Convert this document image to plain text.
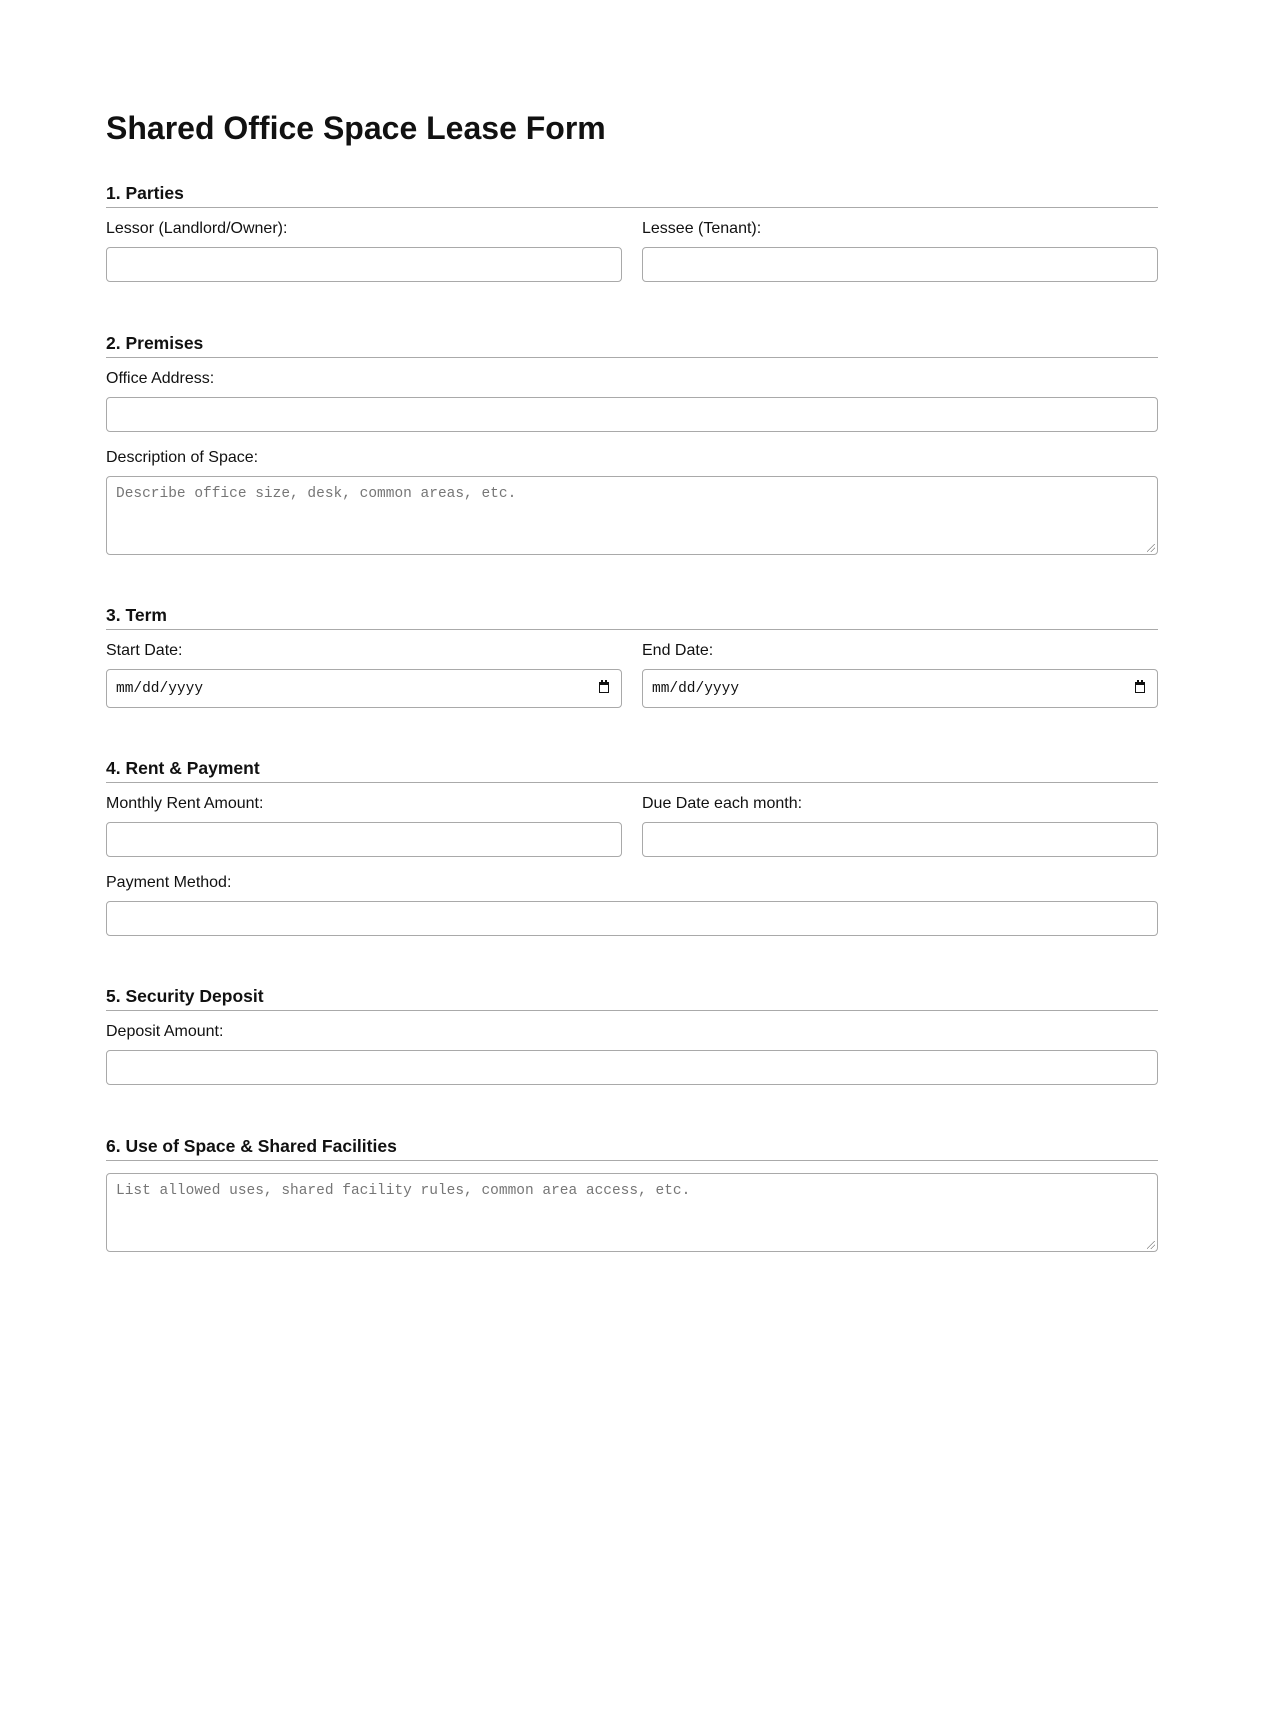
Shared Office Space Lease Form
1. Parties
Lessor (Landlord/Owner):	Lessee (Tenant):
2. Premises
Office Address:
Description of Space:
Describe office size, desk, common areas, etc.
3. Term
Start Date:
mm/dd/yyyy
End Date:
mm/dd/yyyy
4. Rent & Payment
Monthly Rent Amount:	Due Date each month:
Payment Method:
5. Security Deposit
Deposit Amount:
6. Use of Space & Shared Facilities
List allowed uses, shared facility rules, common area access, etc.
